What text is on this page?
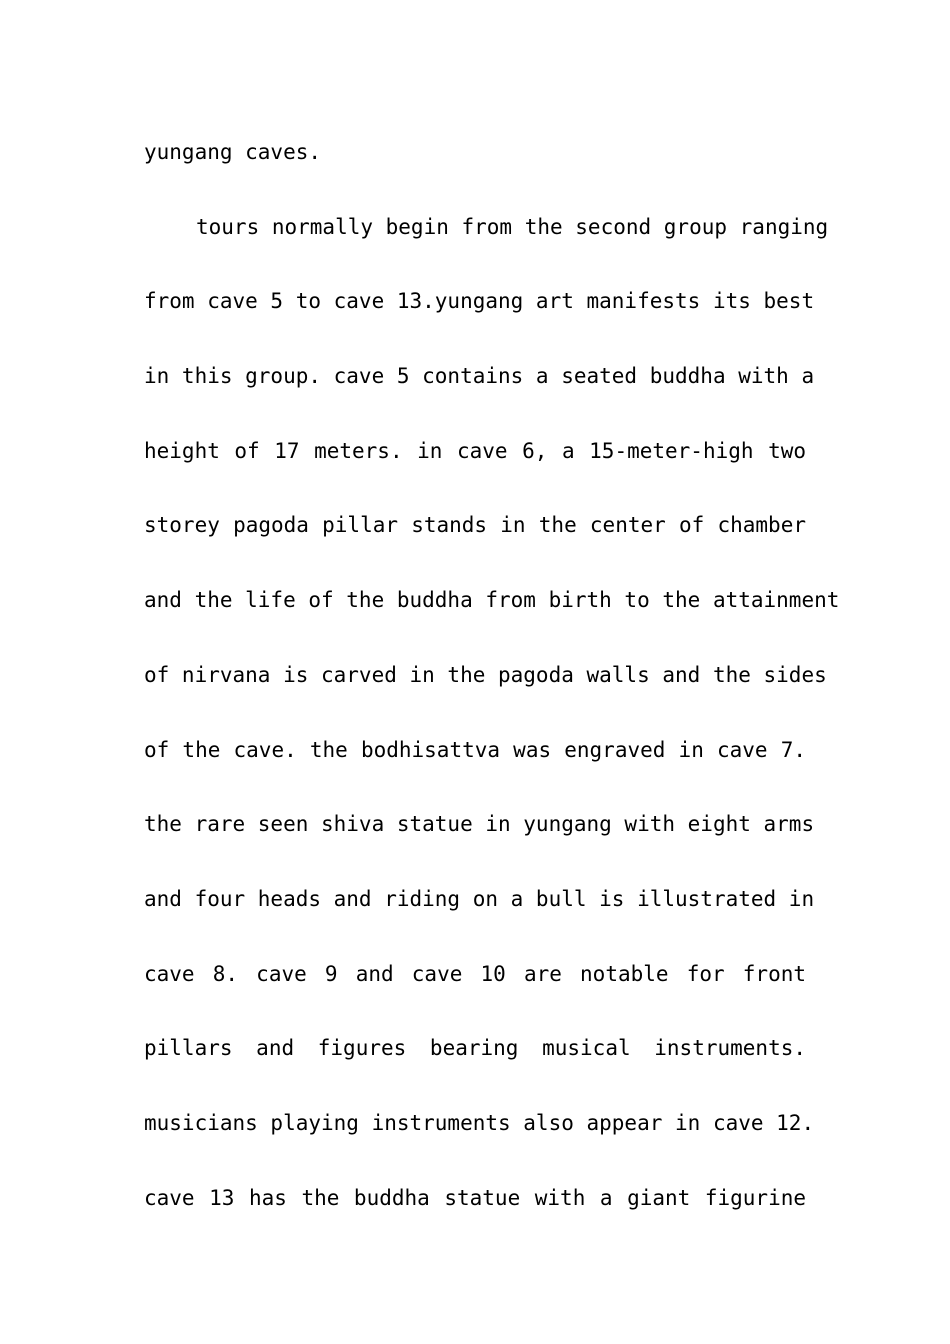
yungang caves.
tours normally begin from the second group ranging
from cave 5 to cave 13.yungang art manifests its best
in this group. cave 5 contains a seated buddha with a
height of 17 meters. in cave 6, a 15-meter-high two
storey pagoda pillar stands in the center of chamber
and the life of the buddha from birth to the attainment
of nirvana is carved in the pagoda walls and the sides
of the cave. the bodhisattva was engraved in cave 7.
the rare seen shiva statue in yungang with eight arms
and four heads and riding on a bull is illustrated in
cave 8. cave 9 and cave 10 are notable for front
pillars and figures bearing musical instruments.
musicians playing instruments also appear in cave 12.
cave 13 has the buddha statue with a giant figurine
